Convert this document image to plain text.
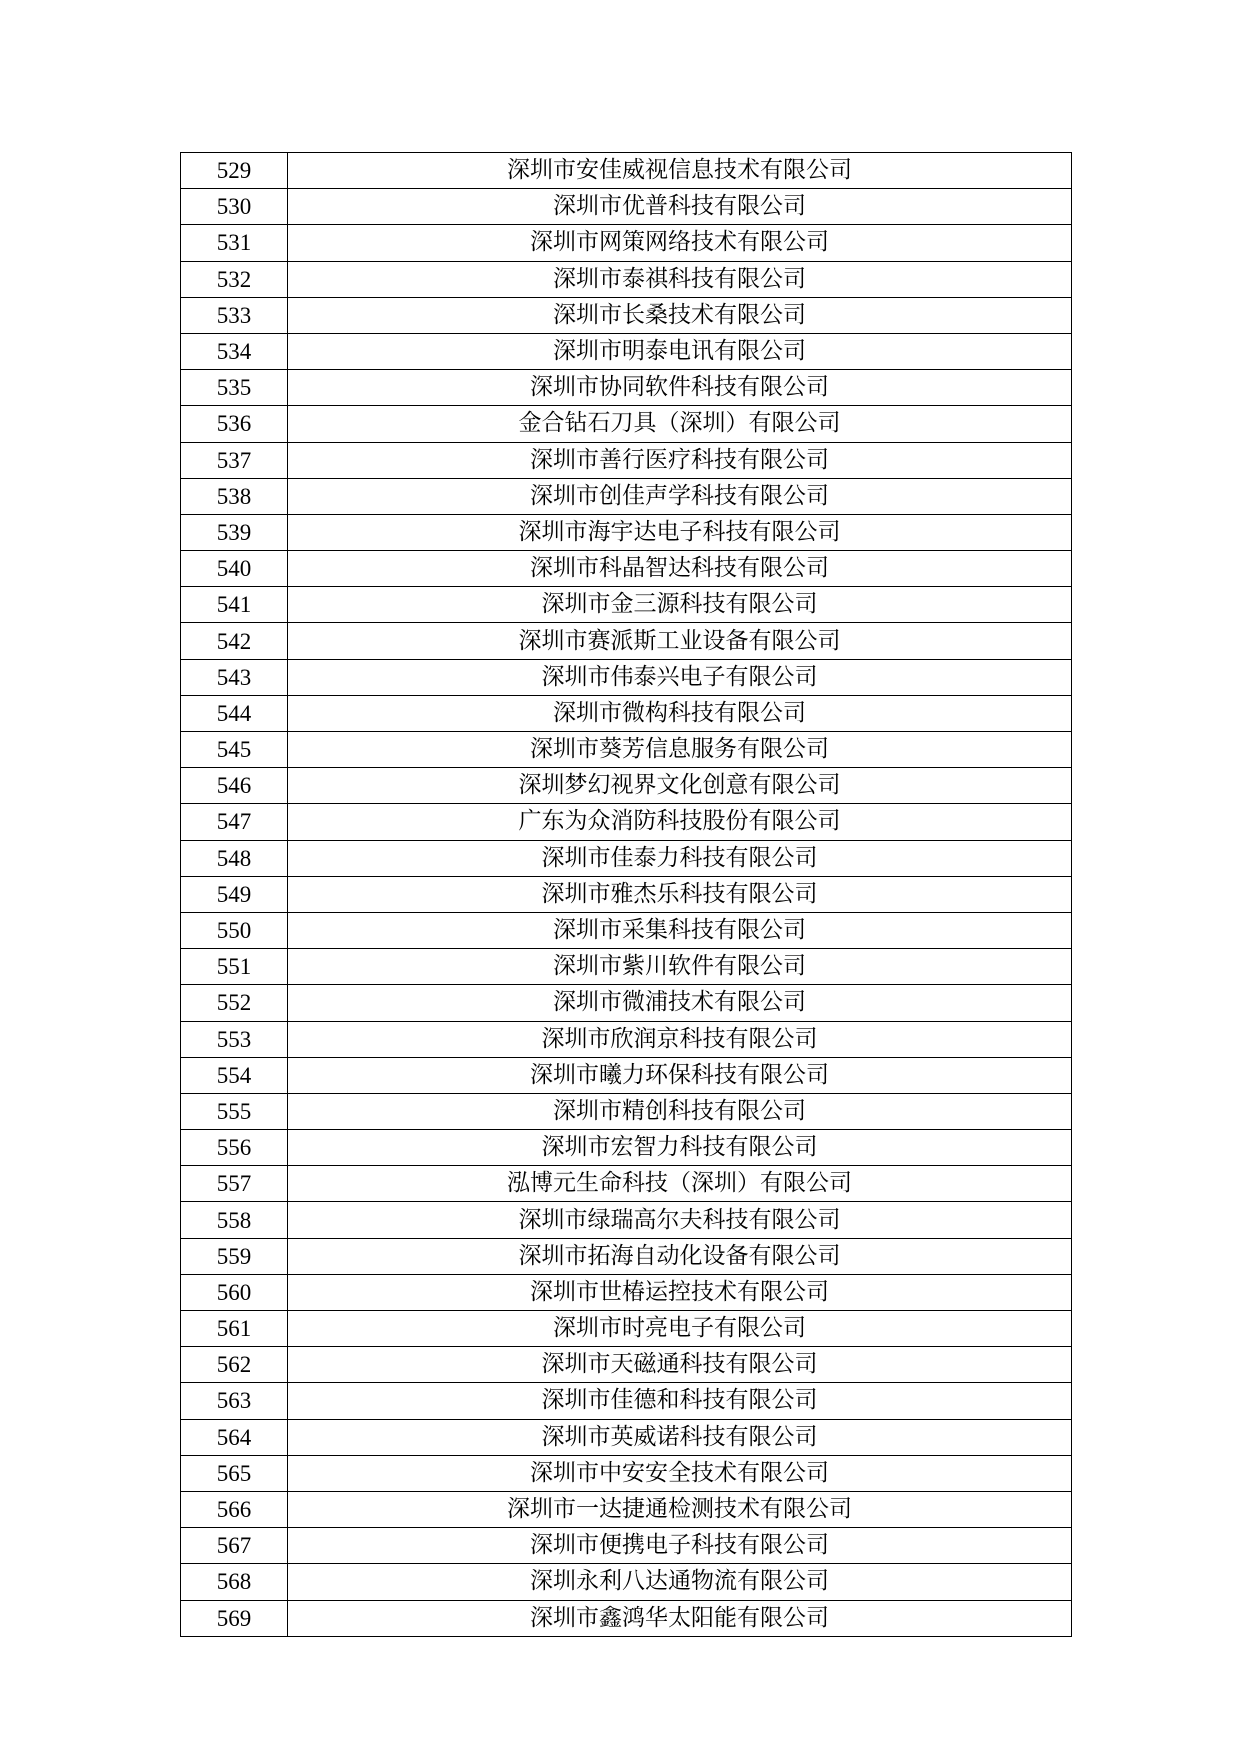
529	深圳市安佳威视信息技术有限公司
530	深圳市优普科技有限公司
531	深圳市网策网络技术有限公司
532	深圳市泰祺科技有限公司
533	深圳市长桑技术有限公司
534	深圳市明泰电讯有限公司
535	深圳市协同软件科技有限公司
536	金合钻石刀具（深圳）有限公司
537	深圳市善行医疗科技有限公司
538	深圳市创佳声学科技有限公司
539	深圳市海宇达电子科技有限公司
540	深圳市科晶智达科技有限公司
541	深圳市金三源科技有限公司
542	深圳市赛派斯工业设备有限公司
543	深圳市伟泰兴电子有限公司
544	深圳市微构科技有限公司
545	深圳市葵芳信息服务有限公司
546	深圳梦幻视界文化创意有限公司
547	广东为众消防科技股份有限公司
548	深圳市佳泰力科技有限公司
549	深圳市雅杰乐科技有限公司
550	深圳市采集科技有限公司
551	深圳市紫川软件有限公司
552	深圳市微浦技术有限公司
553	深圳市欣润京科技有限公司
554	深圳市曦力环保科技有限公司
555	深圳市精创科技有限公司
556	深圳市宏智力科技有限公司
557	泓博元生命科技（深圳）有限公司
558	深圳市绿瑞高尔夫科技有限公司
559	深圳市拓海自动化设备有限公司
560	深圳市世椿运控技术有限公司
561	深圳市时亮电子有限公司
562	深圳市天磁通科技有限公司
563	深圳市佳德和科技有限公司
564	深圳市英威诺科技有限公司
565	深圳市中安安全技术有限公司
566	深圳市一达捷通检测技术有限公司
567	深圳市便携电子科技有限公司
568	深圳永利八达通物流有限公司
569	深圳市鑫鸿华太阳能有限公司
